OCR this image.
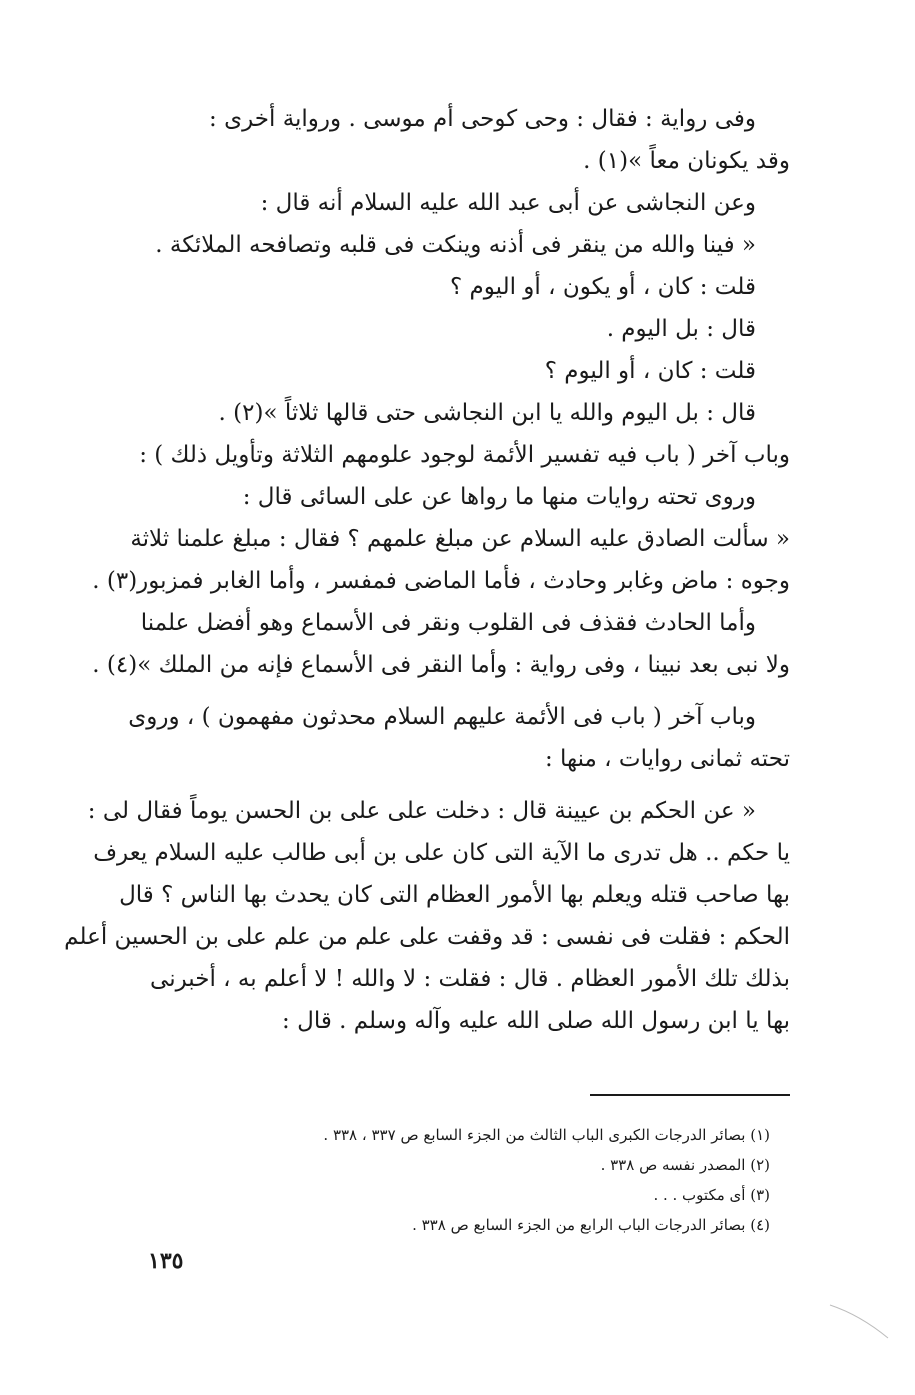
وفى رواية : فقال : وحى كوحى أم موسى . ورواية أخرى :
وقد يكونان معاً »(١) .
وعن النجاشى عن أبى عبد الله عليه السلام أنه قال :
« فينا والله من ينقر فى أذنه وينكت فى قلبه وتصافحه الملائكة .
قلت : كان ، أو يكون ، أو اليوم ؟
قال : بل اليوم .
قلت : كان ، أو اليوم ؟
قال : بل اليوم والله يا ابن النجاشى حتى قالها ثلاثاً »(٢) .
وباب آخر ( باب فيه تفسير الأئمة لوجود علومهم الثلاثة وتأويل ذلك ) :
وروى تحته روايات منها ما رواها عن على السائى قال :
« سألت الصادق عليه السلام عن مبلغ علمهم ؟ فقال : مبلغ علمنا ثلاثة
وجوه : ماض وغابر وحادث ، فأما الماضى فمفسر ، وأما الغابر فمزبور(٣) .
وأما الحادث فقذف فى القلوب ونقر فى الأسماع وهو أفضل علمنا
ولا نبى بعد نبينا ، وفى رواية : وأما النقر فى الأسماع فإنه من الملك »(٤) .
وباب آخر ( باب فى الأئمة عليهم السلام محدثون مفهمون ) ، وروى
تحته ثمانى روايات ، منها :
« عن الحكم بن عيينة قال : دخلت على على بن الحسن يوماً فقال لى :
يا حكم .. هل تدرى ما الآية التى كان على بن أبى طالب عليه السلام يعرف
بها صاحب قتله ويعلم بها الأمور العظام التى كان يحدث بها الناس ؟ قال
الحكم : فقلت فى نفسى : قد وقفت على علم من علم على بن الحسين أعلم
بذلك تلك الأمور العظام . قال : فقلت : لا والله ! لا أعلم به ، أخبرنى
بها يا ابن رسول الله صلى الله عليه وآله وسلم . قال :
(١) بصائر الدرجات الكبرى الباب الثالث من الجزء السابع ص ٣٣٧ ، ٣٣٨ .
(٢) المصدر نفسه ص ٣٣٨ .
(٣) أى مكتوب . . .
(٤) بصائر الدرجات الباب الرابع من الجزء السابع ص ٣٣٨ .
١٣٥
